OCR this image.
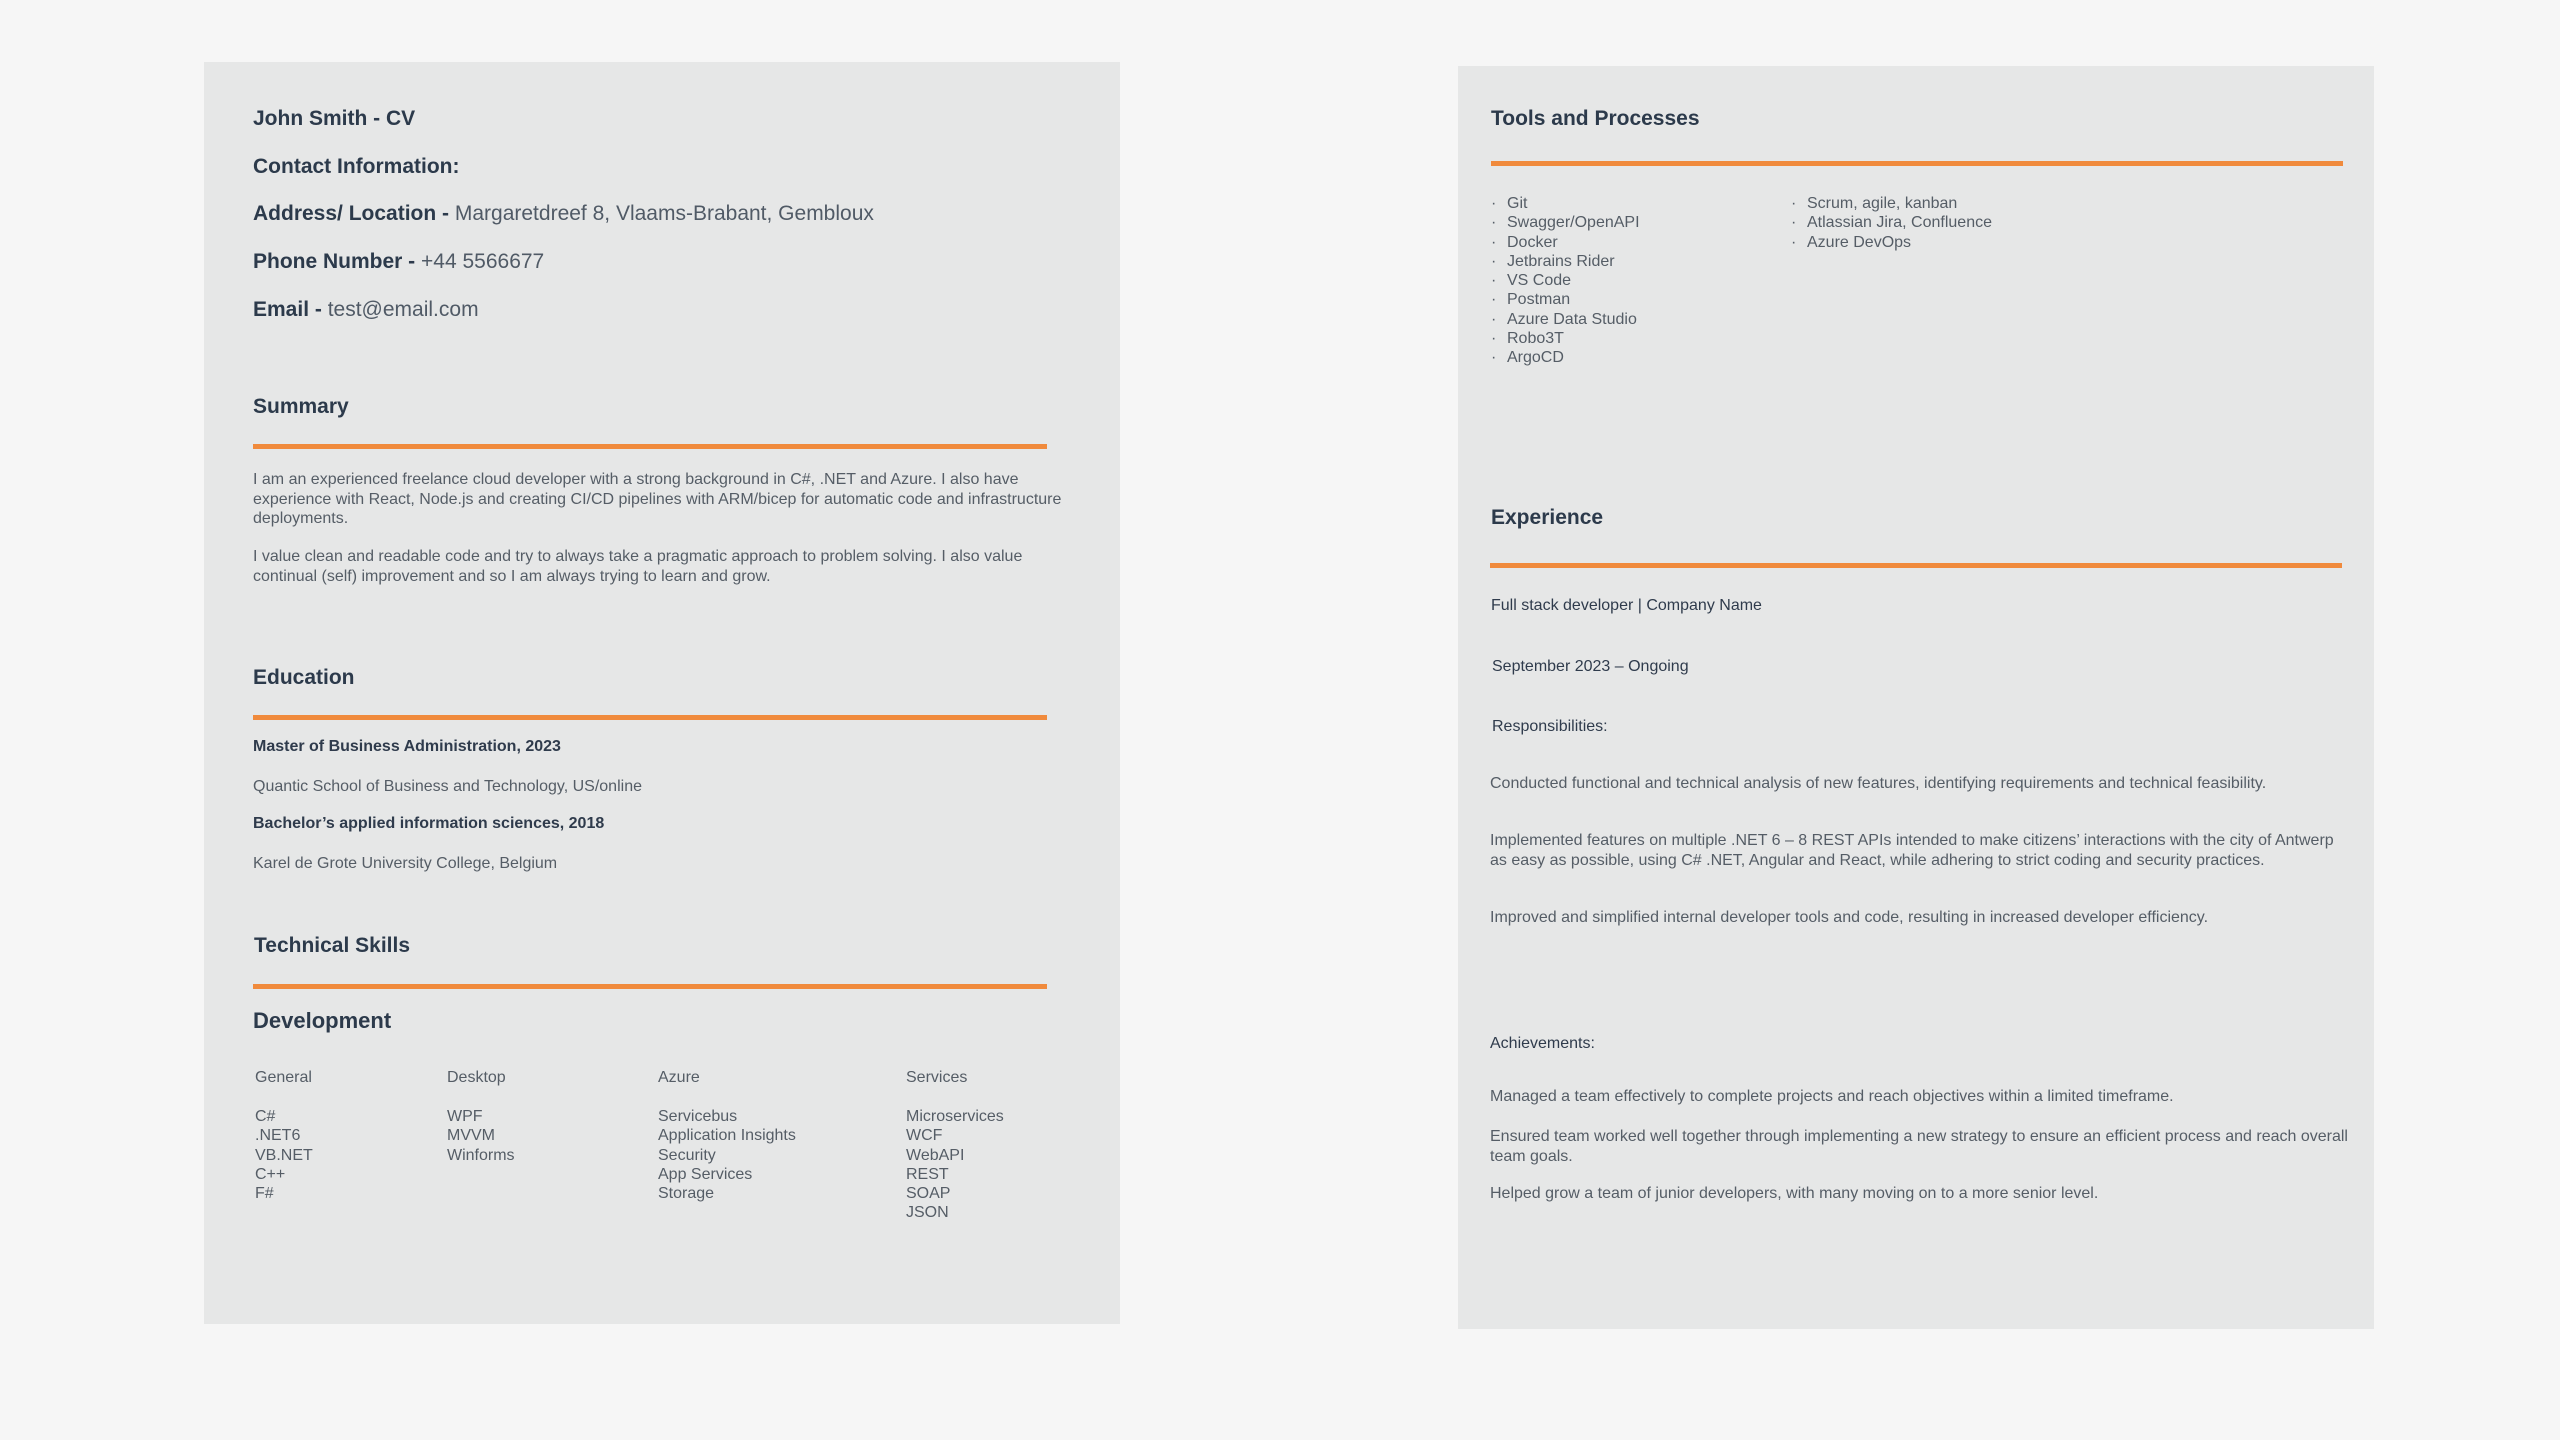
John Smith - CV
Contact Information:
Address/ Location - Margaretdreef 8, Vlaams-Brabant, Gembloux
Phone Number - +44 5566677
Email - test@email.com
Summary
I am an experienced freelance cloud developer with a strong background in C#, .NET and Azure. I also have experience with React, Node.js and creating CI/CD pipelines with ARM/bicep for automatic code and infrastructure deployments.
I value clean and readable code and try to always take a pragmatic approach to problem solving. I also value continual (self) improvement and so I am always trying to learn and grow.
Education
Master of Business Administration, 2023
Quantic School of Business and Technology, US/online
Bachelor’s applied information sciences, 2018
Karel de Grote University College, Belgium
Technical Skills
Development
General
C#
.NET6
VB.NET
C++
F#
Desktop
WPF
MVVM
Winforms
Azure
Servicebus
Application Insights
Security
App Services
Storage
Services
Microservices
WCF
WebAPI
REST
SOAP
JSON
Tools and Processes
· Git
· Swagger/OpenAPI
· Docker
· Jetbrains Rider
· VS Code
· Postman
· Azure Data Studio
· Robo3T
· ArgoCD
· Scrum, agile, kanban
· Atlassian Jira, Confluence
· Azure DevOps
Experience
Full stack developer | Company Name
September 2023 – Ongoing
Responsibilities:
Conducted functional and technical analysis of new features, identifying requirements and technical feasibility.
Implemented features on multiple .NET 6 – 8 REST APIs intended to make citizens’ interactions with the city of Antwerp as easy as possible, using C# .NET, Angular and React, while adhering to strict coding and security practices.
Improved and simplified internal developer tools and code, resulting in increased developer efficiency.
Achievements:
Managed a team effectively to complete projects and reach objectives within a limited timeframe.
Ensured team worked well together through implementing a new strategy to ensure an efficient process and reach overall team goals.
Helped grow a team of junior developers, with many moving on to a more senior level.
